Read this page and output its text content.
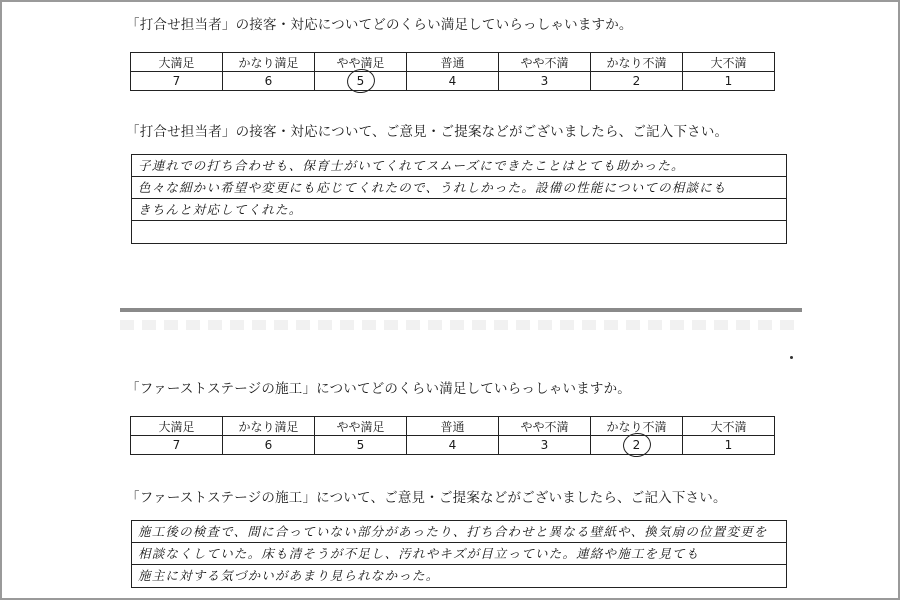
「打合せ担当者」の接客・対応についてどのくらい満足していらっしゃいますか。
大満足	かなり満足	やや満足	普通	やや不満	かなり不満	大不満
7	6	5	4	3	2	1
「打合せ担当者」の接客・対応について、ご意見・ご提案などがございましたら、ご記入下さい。
子連れでの打ち合わせも、保育士がいてくれてスムーズにできたことはとても助かった。
色々な細かい希望や変更にも応じてくれたので、うれしかった。設備の性能についての相談にも
きちんと対応してくれた。
「ファーストステージの施工」についてどのくらい満足していらっしゃいますか。
大満足	かなり満足	やや満足	普通	やや不満	かなり不満	大不満
7	6	5	4	3	2	1
「ファーストステージの施工」について、ご意見・ご提案などがございましたら、ご記入下さい。
施工後の検査で、間に合っていない部分があったり、打ち合わせと異なる壁紙や、換気扇の位置変更を
相談なくしていた。床も清そうが不足し、汚れやキズが目立っていた。連絡や施工を見ても
施主に対する気づかいがあまり見られなかった。
